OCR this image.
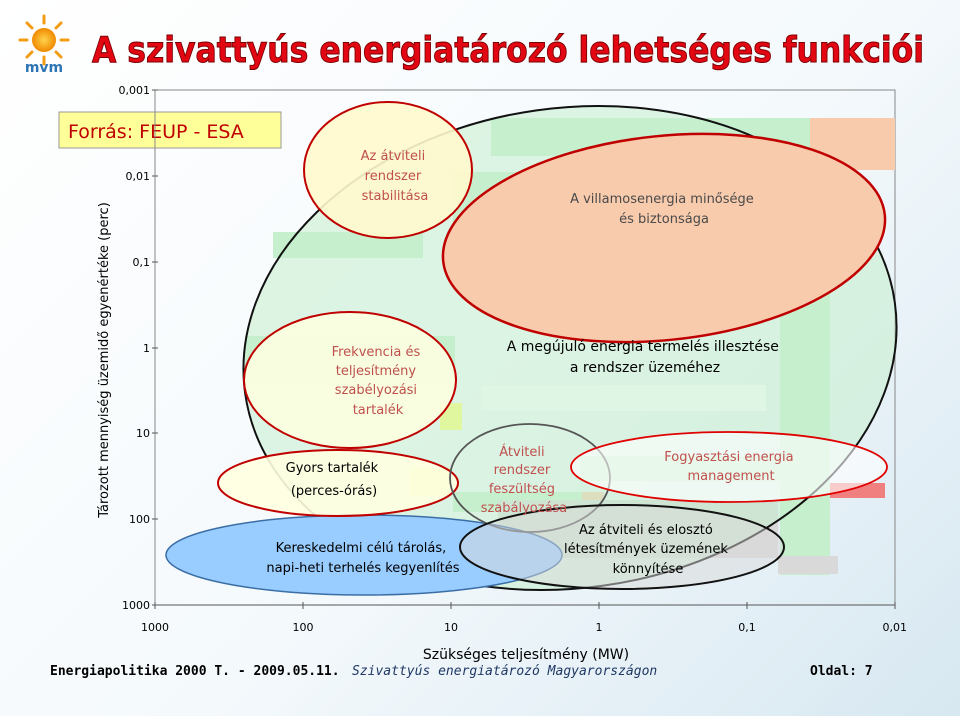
mvm A szivattyús energiatározó lehetséges funkciói
Forrás: FEUP - ESA
Az átviteli rendszer stabilitása	A villamosenergia minősége és biztonsága
Frekvencia és teljesítmény szabélyozási tartalék
A megújuló energia termelés illesztése a rendszer üzeméhez
Gyors tartalék (perces-órás)
Átviteli rendszer feszültség szabályozása
Fogyasztási energia management
Kereskedelmi célú tárolás, napi-heti terhelés kegyenlítés
Az átviteli és elosztó létesítmények üzemének könnyítése
Tározott mennyiség üzemidő egyenértéke (perc)
0,001
0,01
0,1
1
10
100
1000
1000	100	10	1	0,1	0,01
Szükséges teljesítmény (MW)
Energiapolitika 2000 T. - 2009.05.11. Szivattyús energiatározó Magyarországon	Oldal: 7
